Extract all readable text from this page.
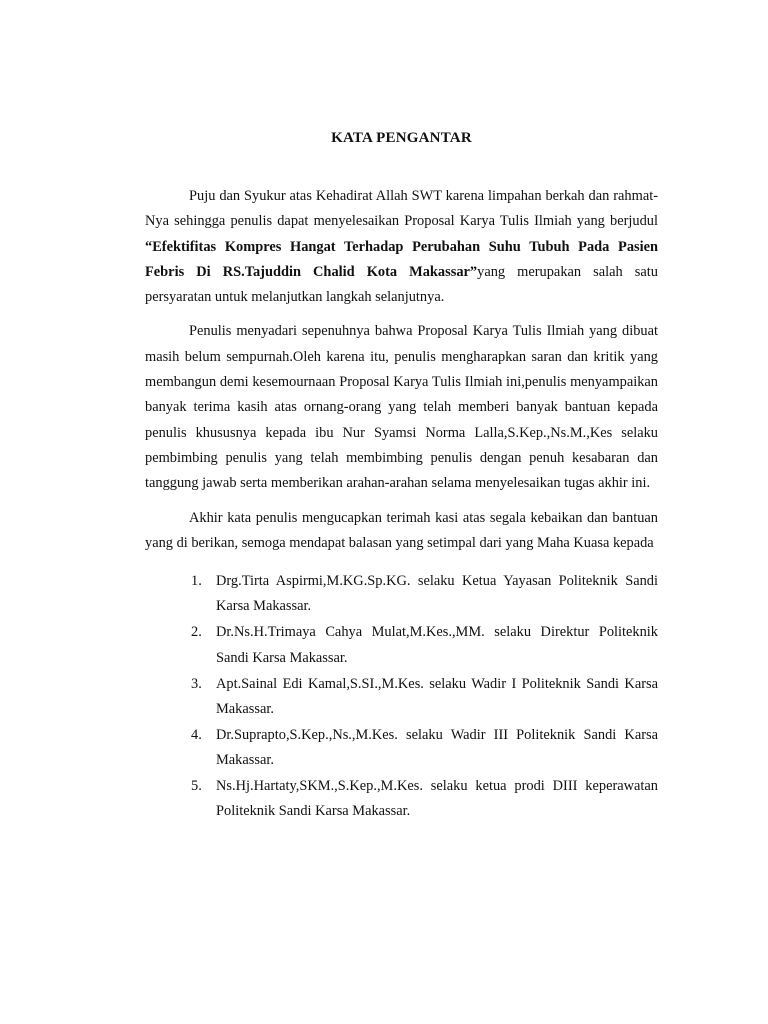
KATA PENGANTAR

Puju dan Syukur atas Kehadirat Allah SWT karena limpahan berkah dan rahmat-Nya sehingga penulis dapat menyelesaikan Proposal Karya Tulis Ilmiah yang berjudul “Efektifitas Kompres Hangat Terhadap Perubahan Suhu Tubuh Pada Pasien Febris Di RS.Tajuddin Chalid Kota Makassar”yang merupakan salah satu persyaratan untuk melanjutkan langkah selanjutnya.

Penulis menyadari sepenuhnya bahwa Proposal Karya Tulis Ilmiah yang dibuat masih belum sempurnah.Oleh karena itu, penulis mengharapkan saran dan kritik yang membangun demi kesemournaan Proposal Karya Tulis Ilmiah ini,penulis menyampaikan banyak terima kasih atas ornang-orang yang telah memberi banyak bantuan kepada penulis khususnya kepada ibu Nur Syamsi Norma Lalla,S.Kep.,Ns.M.,Kes selaku pembimbing penulis yang telah membimbing penulis dengan penuh kesabaran dan tanggung jawab serta memberikan arahan-arahan selama menyelesaikan tugas akhir ini.

Akhir kata penulis mengucapkan terimah kasi atas segala kebaikan dan bantuan yang di berikan, semoga mendapat balasan yang setimpal dari yang Maha Kuasa kepada

1. Drg.Tirta Aspirmi,M.KG.Sp.KG. selaku Ketua Yayasan Politeknik Sandi Karsa Makassar.
2. Dr.Ns.H.Trimaya Cahya Mulat,M.Kes.,MM. selaku Direktur Politeknik Sandi Karsa Makassar.
3. Apt.Sainal Edi Kamal,S.SI.,M.Kes. selaku Wadir I Politeknik Sandi Karsa Makassar.
4. Dr.Suprapto,S.Kep.,Ns.,M.Kes. selaku Wadir III Politeknik Sandi Karsa Makassar.
5. Ns.Hj.Hartaty,SKM.,S.Kep.,M.Kes. selaku ketua prodi DIII keperawatan Politeknik Sandi Karsa Makassar.
